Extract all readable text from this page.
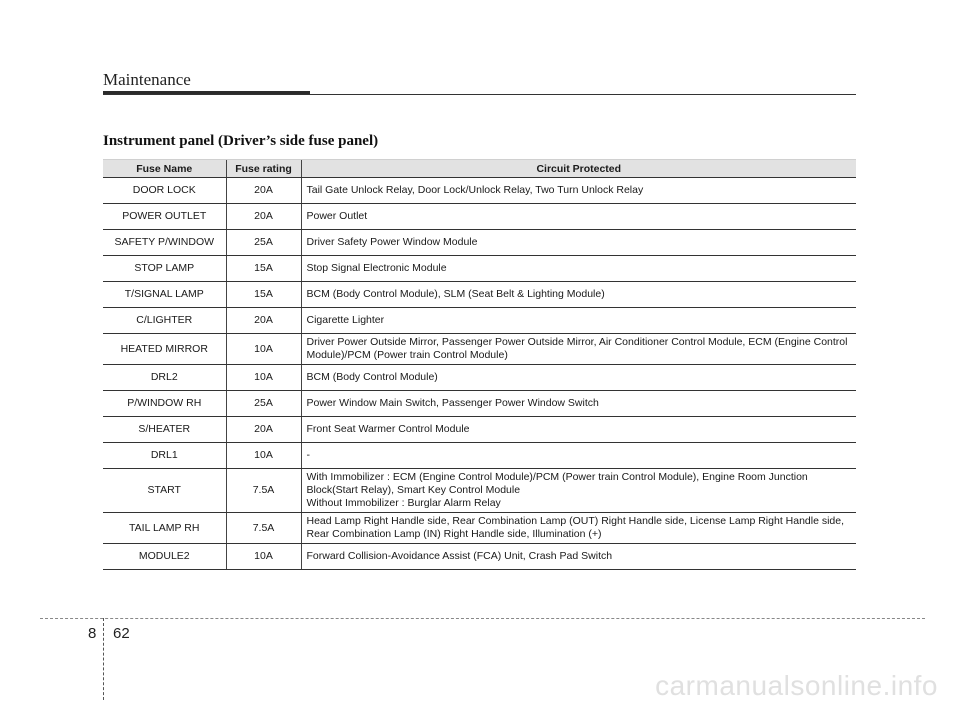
Maintenance
Instrument panel (Driver’s side fuse panel)
Fuse Name	Fuse rating	Circuit Protected
DOOR LOCK	20A	Tail Gate Unlock Relay, Door Lock/Unlock Relay, Two Turn Unlock Relay
POWER OUTLET	20A	Power Outlet
SAFETY P/WINDOW	25A	Driver Safety Power Window Module
STOP LAMP	15A	Stop Signal Electronic Module
T/SIGNAL LAMP	15A	BCM (Body Control Module), SLM (Seat Belt & Lighting Module)
C/LIGHTER	20A	Cigarette Lighter
HEATED MIRROR	10A	Driver Power Outside Mirror, Passenger Power Outside Mirror, Air Conditioner Control Module, ECM (Engine Control Module)/PCM (Power train Control Module)
DRL2	10A	BCM (Body Control Module)
P/WINDOW RH	25A	Power Window Main Switch, Passenger Power Window Switch
S/HEATER	20A	Front Seat Warmer Control Module
DRL1	10A	-
START	7.5A	With Immobilizer : ECM (Engine Control Module)/PCM (Power train Control Module), Engine Room Junction Block(Start Relay), Smart Key Control Module
Without Immobilizer : Burglar Alarm Relay
TAIL LAMP RH	7.5A	Head Lamp Right Handle side, Rear Combination Lamp (OUT) Right Handle side, License Lamp Right Handle side, Rear Combination Lamp (IN) Right Handle side, Illumination (+)
MODULE2	10A	Forward Collision-Avoidance Assist (FCA) Unit, Crash Pad Switch
8 62
carmanualsonline.info
